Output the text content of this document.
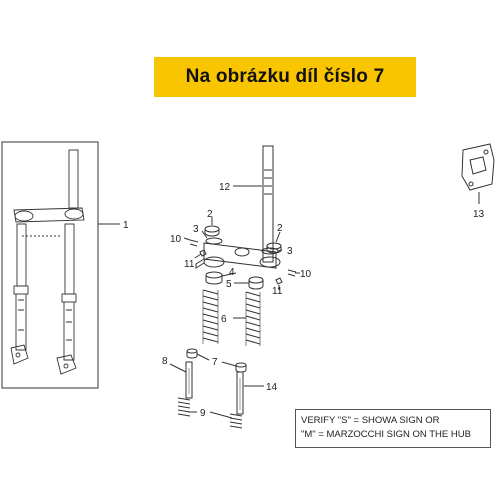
Na obrázku díl číslo 7
1
12
2
2
3
3
10
10
11
11
4
5
6
7
8
9
13
14
VERIFY "S" = SHOWA SIGN OR
"M" = MARZOCCHI SIGN ON THE HUB
